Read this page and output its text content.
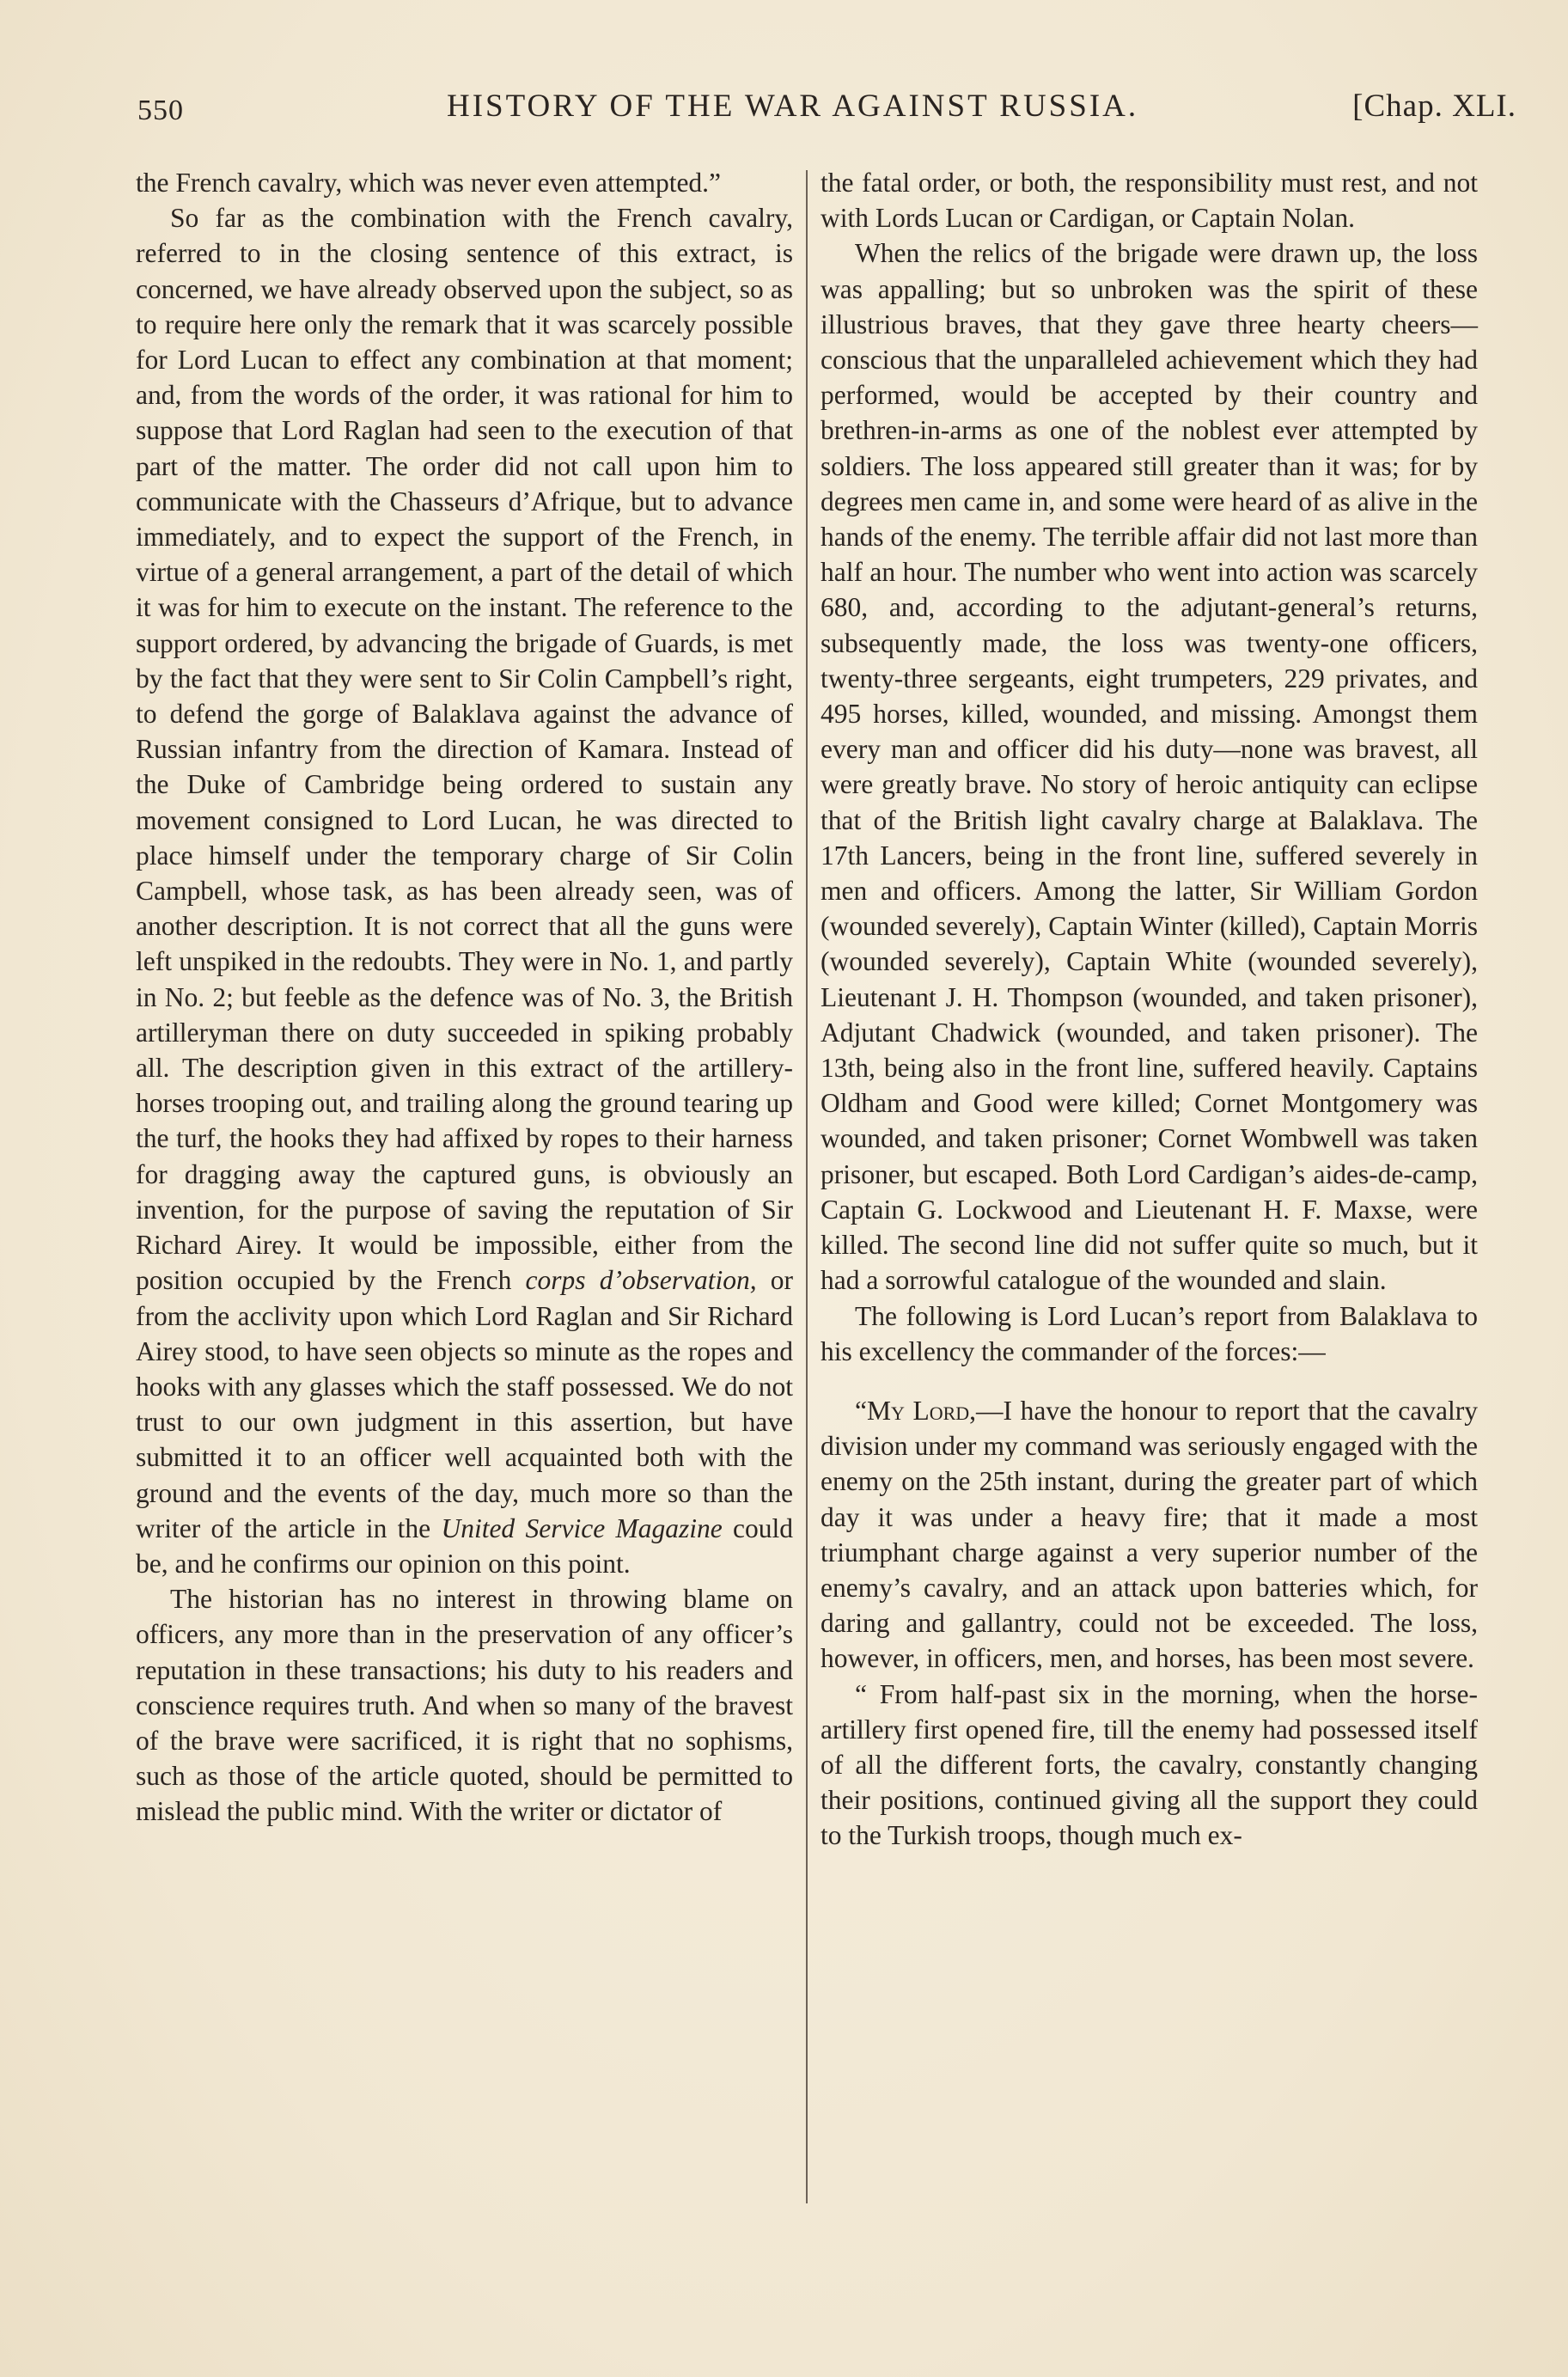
550	HISTORY OF THE WAR AGAINST RUSSIA.	[Chap. XLI.

the French cavalry, which was never even attempted.”

So far as the combination with the French cavalry, referred to in the closing sentence of this extract, is concerned, we have already observed upon the subject, so as to require here only the remark that it was scarcely possible for Lord Lucan to effect any combination at that moment; and, from the words of the order, it was rational for him to suppose that Lord Raglan had seen to the execution of that part of the matter. The order did not call upon him to communicate with the Chasseurs d’Afrique, but to advance immediately, and to expect the support of the French, in virtue of a general arrangement, a part of the detail of which it was for him to execute on the instant. The reference to the support ordered, by advancing the brigade of Guards, is met by the fact that they were sent to Sir Colin Campbell’s right, to defend the gorge of Balaklava against the advance of Russian infantry from the direction of Kamara. Instead of the Duke of Cambridge being ordered to sustain any movement consigned to Lord Lucan, he was directed to place himself under the temporary charge of Sir Colin Campbell, whose task, as has been already seen, was of another description. It is not correct that all the guns were left unspiked in the redoubts. They were in No. 1, and partly in No. 2; but feeble as the defence was of No. 3, the British artilleryman there on duty succeeded in spiking probably all. The description given in this extract of the artillery-horses trooping out, and trailing along the ground tearing up the turf, the hooks they had affixed by ropes to their harness for dragging away the captured guns, is obviously an invention, for the purpose of saving the reputation of Sir Richard Airey. It would be impossible, either from the position occupied by the French corps d’observation, or from the acclivity upon which Lord Raglan and Sir Richard Airey stood, to have seen objects so minute as the ropes and hooks with any glasses which the staff possessed. We do not trust to our own judgment in this assertion, but have submitted it to an officer well acquainted both with the ground and the events of the day, much more so than the writer of the article in the United Service Magazine could be, and he confirms our opinion on this point.

The historian has no interest in throwing blame on officers, any more than in the preservation of any officer’s reputation in these transactions; his duty to his readers and conscience requires truth. And when so many of the bravest of the brave were sacrificed, it is right that no sophisms, such as those of the article quoted, should be permitted to mislead the public mind. With the writer or dictator of

the fatal order, or both, the responsibility must rest, and not with Lords Lucan or Cardigan, or Captain Nolan.

When the relics of the brigade were drawn up, the loss was appalling; but so unbroken was the spirit of these illustrious braves, that they gave three hearty cheers—conscious that the unparalleled achievement which they had performed, would be accepted by their country and brethren-in-arms as one of the noblest ever attempted by soldiers. The loss appeared still greater than it was; for by degrees men came in, and some were heard of as alive in the hands of the enemy. The terrible affair did not last more than half an hour. The number who went into action was scarcely 680, and, according to the adjutant-general’s returns, subsequently made, the loss was twenty-one officers, twenty-three sergeants, eight trumpeters, 229 privates, and 495 horses, killed, wounded, and missing. Amongst them every man and officer did his duty—none was bravest, all were greatly brave. No story of heroic antiquity can eclipse that of the British light cavalry charge at Balaklava. The 17th Lancers, being in the front line, suffered severely in men and officers. Among the latter, Sir William Gordon (wounded severely), Captain Winter (killed), Captain Morris (wounded severely), Captain White (wounded severely), Lieutenant J. H. Thompson (wounded, and taken prisoner), Adjutant Chadwick (wounded, and taken prisoner). The 13th, being also in the front line, suffered heavily. Captains Oldham and Good were killed; Cornet Montgomery was wounded, and taken prisoner; Cornet Wombwell was taken prisoner, but escaped. Both Lord Cardigan’s aides-de-camp, Captain G. Lockwood and Lieutenant H. F. Maxse, were killed. The second line did not suffer quite so much, but it had a sorrowful catalogue of the wounded and slain.

The following is Lord Lucan’s report from Balaklava to his excellency the commander of the forces:—

“My Lord,—I have the honour to report that the cavalry division under my command was seriously engaged with the enemy on the 25th instant, during the greater part of which day it was under a heavy fire; that it made a most triumphant charge against a very superior number of the enemy’s cavalry, and an attack upon batteries which, for daring and gallantry, could not be exceeded. The loss, however, in officers, men, and horses, has been most severe.

“ From half-past six in the morning, when the horse-artillery first opened fire, till the enemy had possessed itself of all the different forts, the cavalry, constantly changing their positions, continued giving all the support they could to the Turkish troops, though much ex-
